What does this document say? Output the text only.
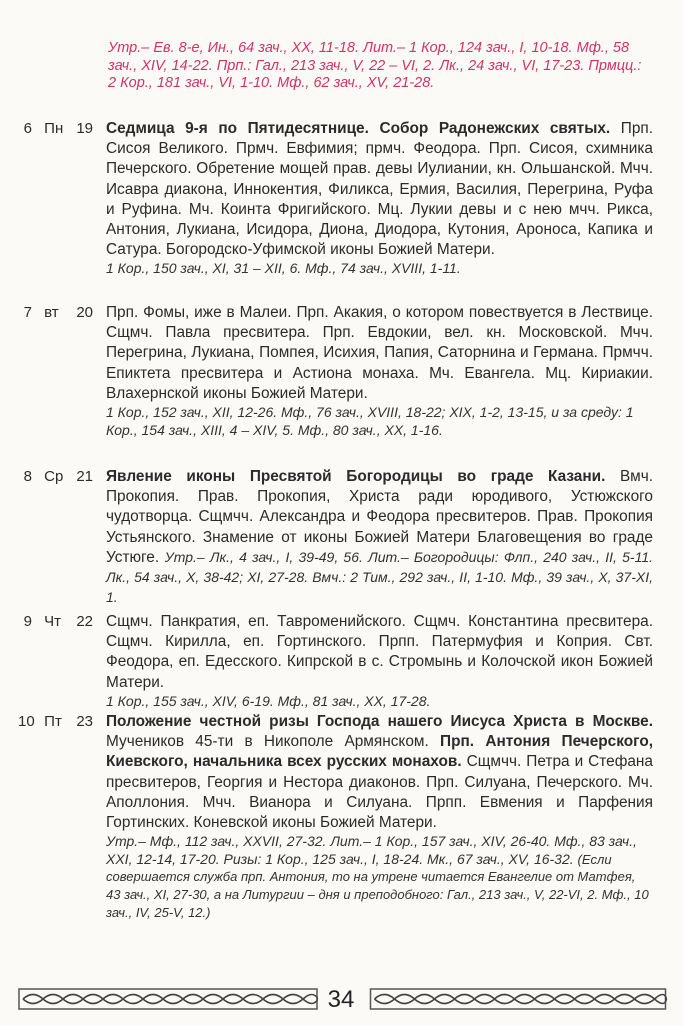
Утр.– Ев. 8-е, Ин., 64 зач., XX, 11-18. Лит.– 1 Кор., 124 зач., I, 10-18. Мф., 58 зач., XIV, 14-22. Прп.: Гал., 213 зач., V, 22 – VI, 2. Лк., 24 зач., VI, 17-23. Прмцц.: 2 Кор., 181 зач., VI, 1-10. Мф., 62 зач., XV, 21-28.
6 Пн 19 Седмица 9-я по Пятидесятнице. Собор Радонежских святых. Прп. Сисоя Великого. Прмч. Евфимия; прмч. Феодора. Прп. Сисоя, схимника Печерского. Обретение мощей прав. девы Иулиании, кн. Ольшанской. Мчч. Исавра диакона, Иннокентия, Филикса, Ермия, Василия, Перегрина, Руфа и Руфина. Мч. Коинта Фригийского. Мц. Лукии девы и с нею мчч. Рикса, Антония, Лукиана, Исидора, Диона, Диодора, Кутония, Ароноса, Капика и Сатура. Богородско-Уфимской иконы Божией Матери.
1 Кор., 150 зач., XI, 31 – XII, 6. Мф., 74 зач., XVIII, 1-11.
7 вт 20 Прп. Фомы, иже в Малеи. Прп. Акакия, о котором повествуется в Лествице. Сщмч. Павла пресвитера. Прп. Евдокии, вел. кн. Московской. Мчч. Перегрина, Лукиана, Помпея, Исихия, Папия, Саторнина и Германа. Прмчч. Епиктета пресвитера и Астиона монаха. Мч. Евангела. Мц. Кириакии. Влахернской иконы Божией Матери.
1 Кор., 152 зач., XII, 12-26. Мф., 76 зач., XVIII, 18-22; XIX, 1-2, 13-15, и за среду: 1 Кор., 154 зач., XIII, 4 – XIV, 5. Мф., 80 зач., XX, 1-16.
8 Ср 21 Явление иконы Пресвятой Богородицы во граде Казани. Вмч. Прокопия. Прав. Прокопия, Христа ради юродивого, Устюжского чудотворца. Сщмчч. Александра и Феодора пресвитеров. Прав. Прокопия Устьянского. Знамение от иконы Божией Матери Благовещения во граде Устюге. Утр.– Лк., 4 зач., I, 39-49, 56. Лит.– Богородицы: Флп., 240 зач., II, 5-11. Лк., 54 зач., X, 38-42; XI, 27-28. Вмч.: 2 Тим., 292 зач., II, 1-10. Мф., 39 зач., X, 37-XI, 1.
9 Чт 22 Сщмч. Панкратия, еп. Тавроменийского. Сщмч. Константина пресвитера. Сщмч. Кирилла, еп. Гортинского. Прпп. Патермуфия и Коприя. Свт. Феодора, еп. Едесского. Кипрской в с. Стромынь и Колочской икон Божией Матери.
1 Кор., 155 зач., XIV, 6-19. Мф., 81 зач., XX, 17-28.
10 Пт 23 Положение честной ризы Господа нашего Иисуса Христа в Москве. Мучеников 45-ти в Никополе Армянском. Прп. Антония Печерского, Киевского, начальника всех русских монахов. Сщмчч. Петра и Стефана пресвитеров, Георгия и Нестора диаконов. Прп. Силуана, Печерского. Мч. Аполлония. Мчч. Вианора и Силуана. Прпп. Евмения и Парфения Гортинских. Коневской иконы Божией Матери.
Утр.– Мф., 112 зач., XXVII, 27-32. Лит.– 1 Кор., 157 зач., XIV, 26-40. Мф., 83 зач., XXI, 12-14, 17-20. Ризы: 1 Кор., 125 зач., I, 18-24. Мк., 67 зач., XV, 16-32. (Если совершается служба прп. Антония, то на утрене читается Евангелие от Матфея, 43 зач., XI, 27-30, а на Литургии – дня и преподобного: Гал., 213 зач., V, 22-VI, 2. Мф., 10 зач., IV, 25-V, 12.)
34
